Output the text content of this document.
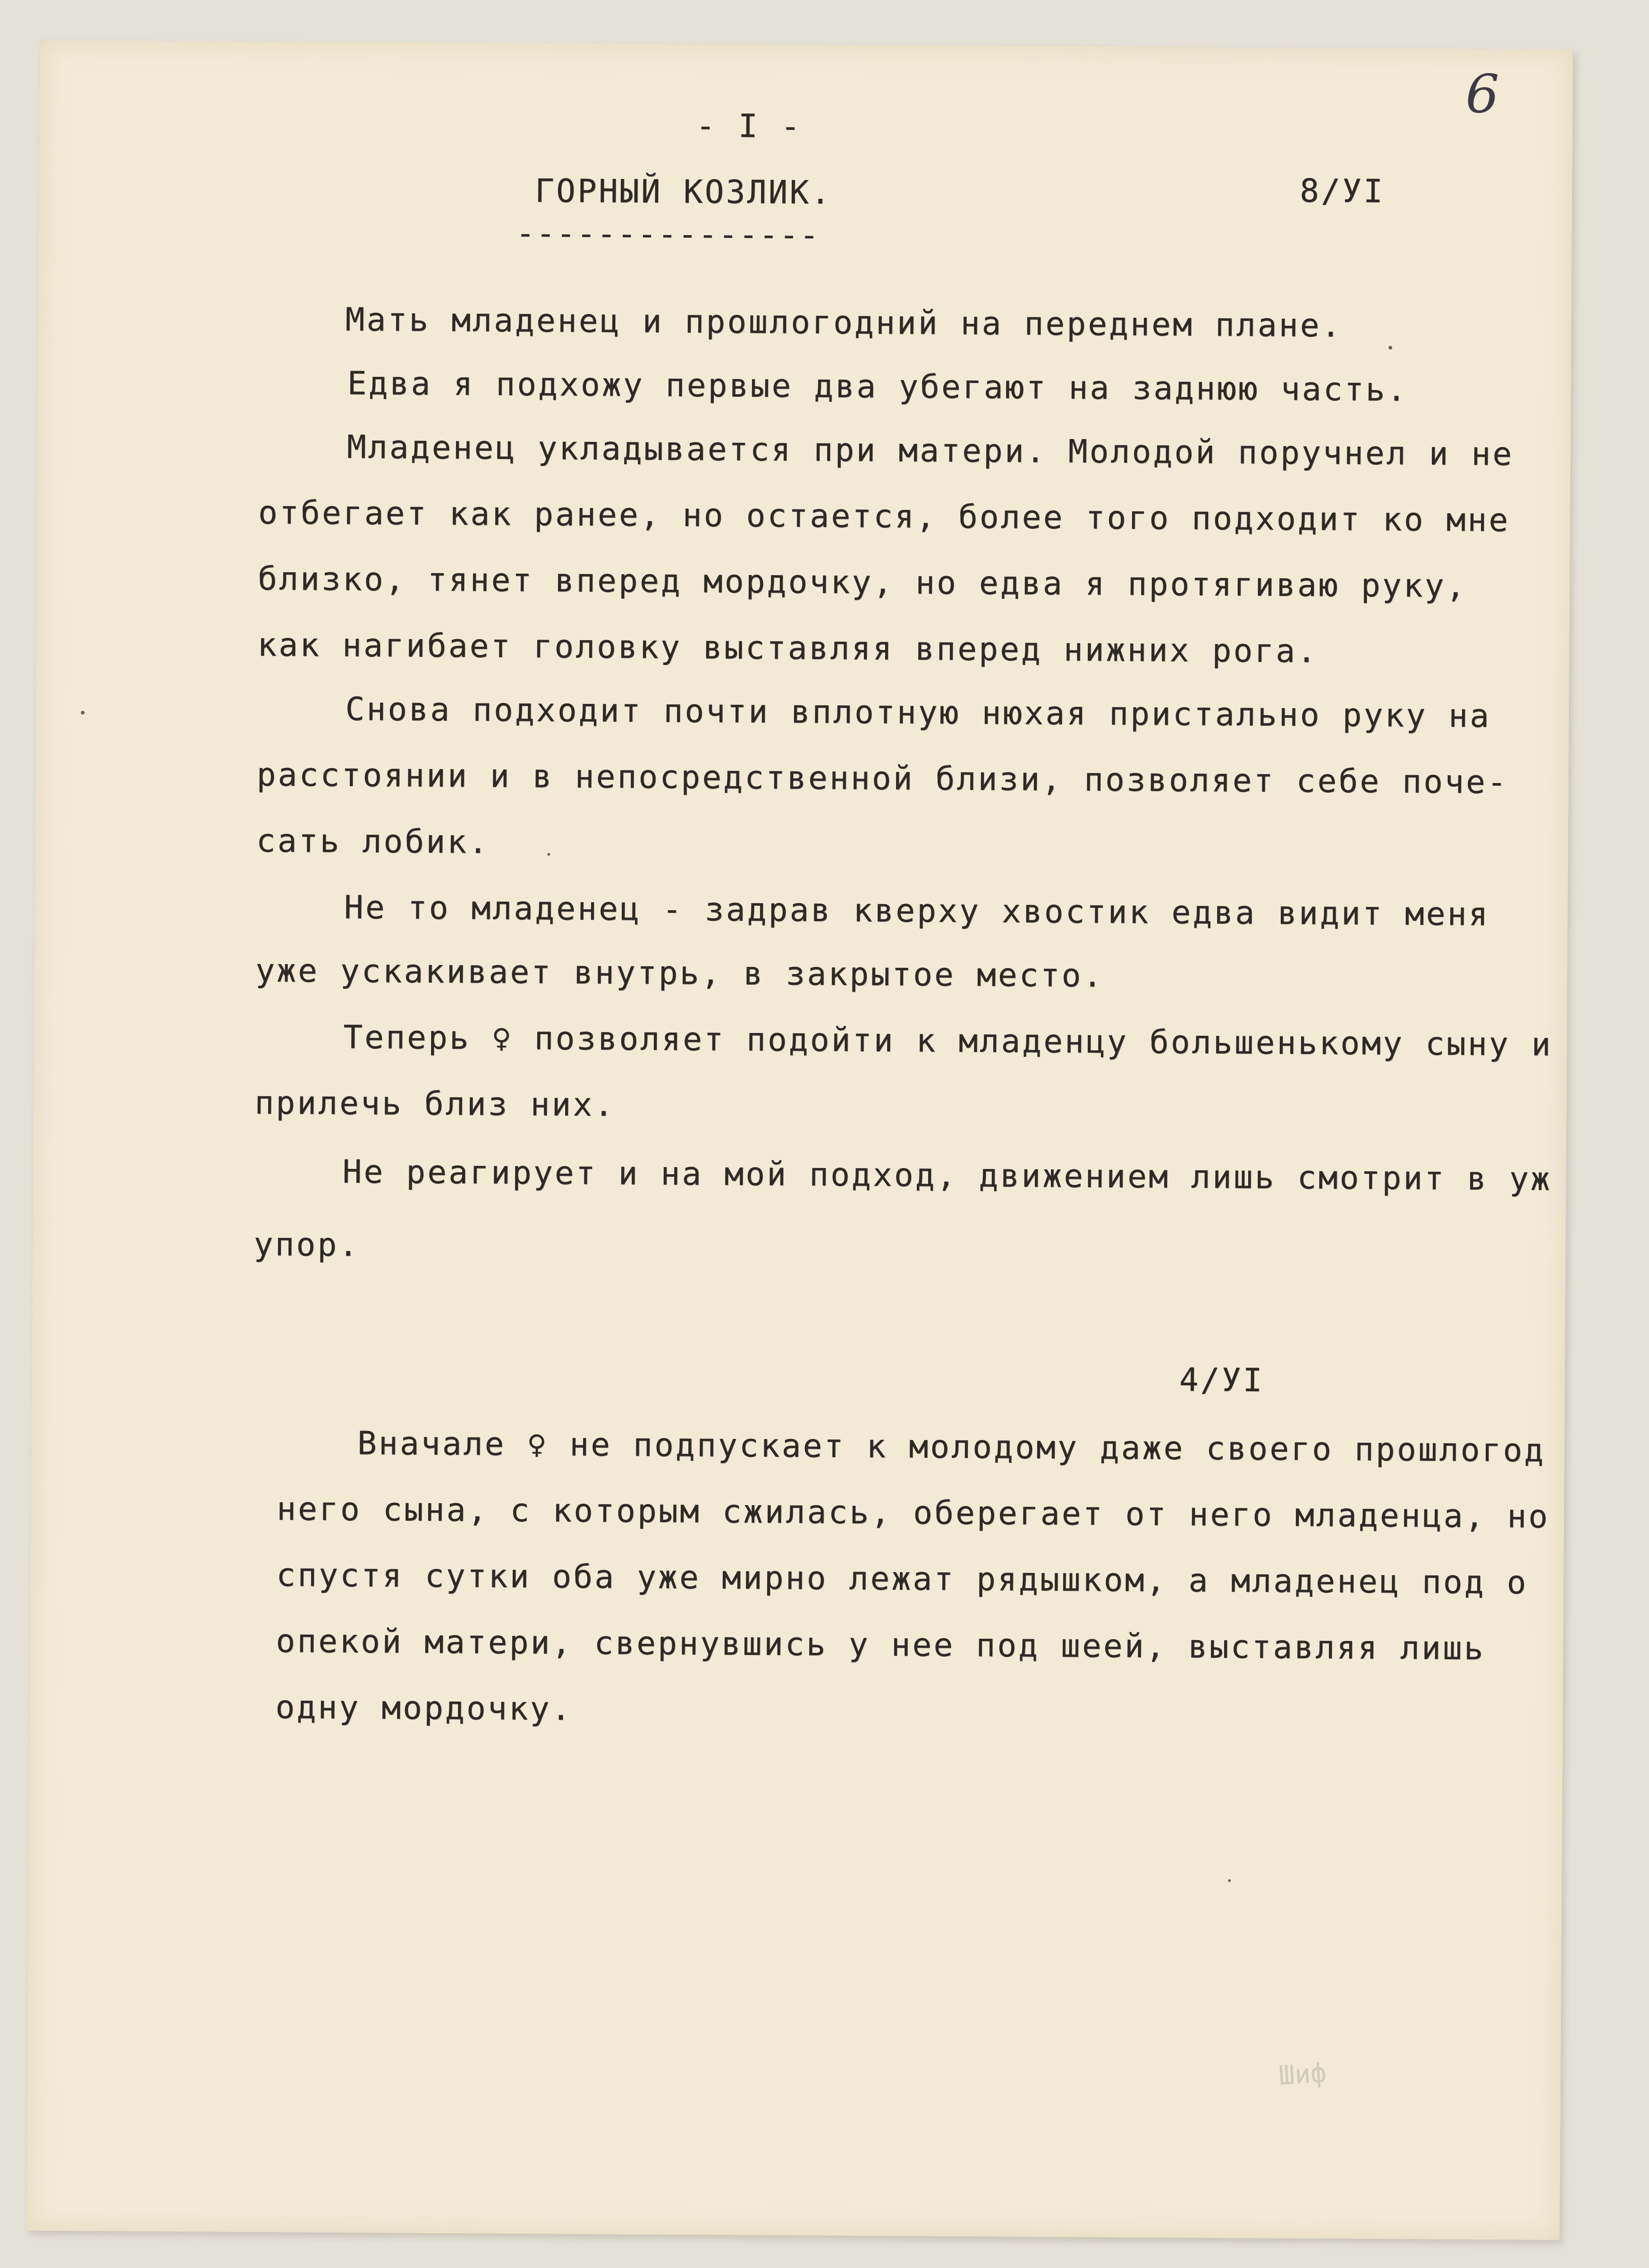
6
- I -
ГОРНЫЙ КОЗЛИК.
---------------
8/УI
Мать младенец и прошлогодний на переднем плане.
Едва я подхожу первые два убегают на заднюю часть.
Младенец укладывается при матери. Молодой поручнел и не
отбегает как ранее, но остается, более того подходит ко мне
близко, тянет вперед мордочку, но едва я протягиваю руку,
как нагибает головку выставляя вперед нижних рога.
Снова подходит почти вплотную нюхая пристально руку на
расстоянии и в непосредственной близи, позволяет себе поче-
сать лобик.
Не то младенец - задрав кверху хвостик едва видит меня
уже ускакивает внутрь, в закрытое место.
Теперь ♀ позволяет подойти к младенцу большенькому сыну и
прилечь близ них.
Не реагирует и на мой подход, движением лишь смотрит в уж
упор.
4/УI
Вначале ♀ не подпускает к молодому даже своего прошлогод
него сына, с которым сжилась, оберегает от него младенца, но
спустя сутки оба уже мирно лежат рядышком, а младенец под о
опекой матери, свернувшись у нее под шеей, выставляя лишь
одну мордочку.
Шиф
